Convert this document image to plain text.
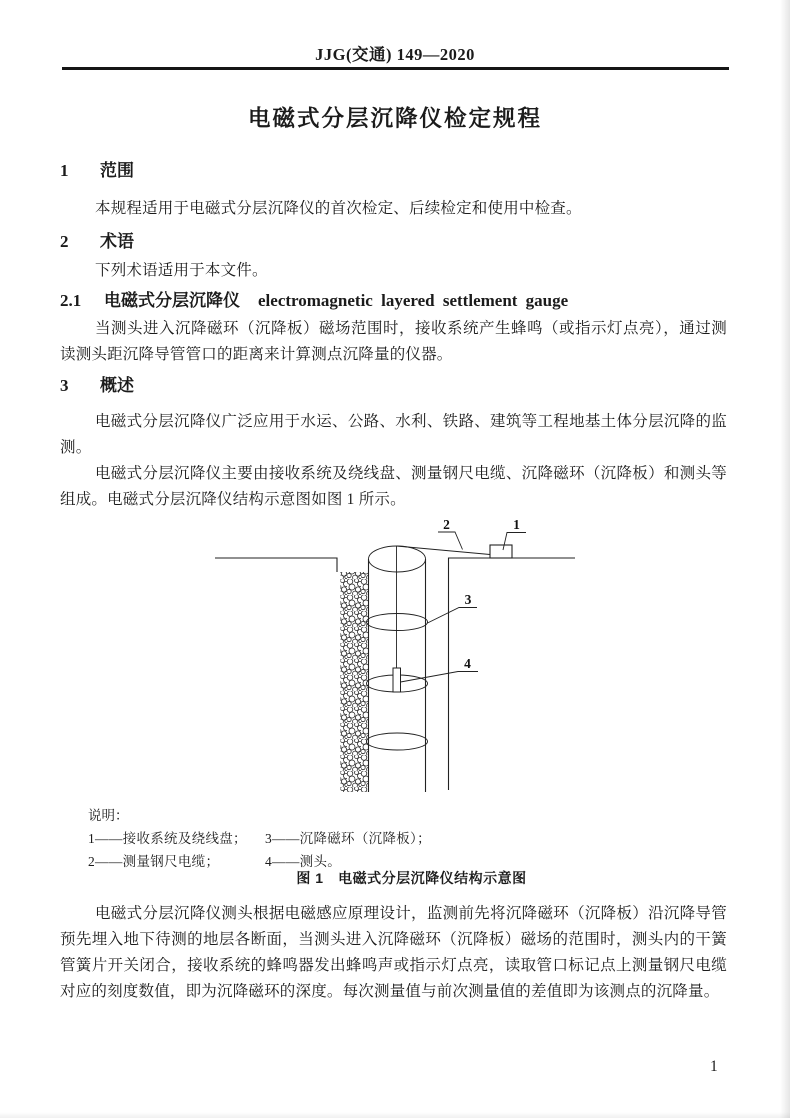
JJG(交通) 149—2020
电磁式分层沉降仪检定规程
1 范围

本规程适用于电磁式分层沉降仪的首次检定、后续检定和使用中检查。

2 术语

下列术语适用于本文件。

2.1 电磁式分层沉降仪 electromagnetic layered settlement gauge

当测头进入沉降磁环（沉降板）磁场范围时，接收系统产生蜂鸣（或指示灯点亮），通过测读测头距沉降导管管口的距离来计算测点沉降量的仪器。

3 概述

电磁式分层沉降仪广泛应用于水运、公路、水利、铁路、建筑等工程地基土体分层沉降的监测。

电磁式分层沉降仪主要由接收系统及绕线盘、测量钢尺电缆、沉降磁环（沉降板）和测头等组成。电磁式分层沉降仪结构示意图如图 1 所示。

2	1
3
4
说明：
1——接收系统及绕线盘； 3——沉降磁环（沉降板）；
2——测量钢尺电缆；	4——测头。
图 1　电磁式分层沉降仪结构示意图

电磁式分层沉降仪测头根据电磁感应原理设计，监测前先将沉降磁环（沉降板）沿沉降导管预先埋入地下待测的地层各断面，当测头进入沉降磁环（沉降板）磁场的范围时，测头内的干簧管簧片开关闭合，接收系统的蜂鸣器发出蜂鸣声或指示灯点亮，读取管口标记点上测量钢尺电缆对应的刻度数值，即为沉降磁环的深度。每次测量值与前次测量值的差值即为该测点的沉降量。

1
